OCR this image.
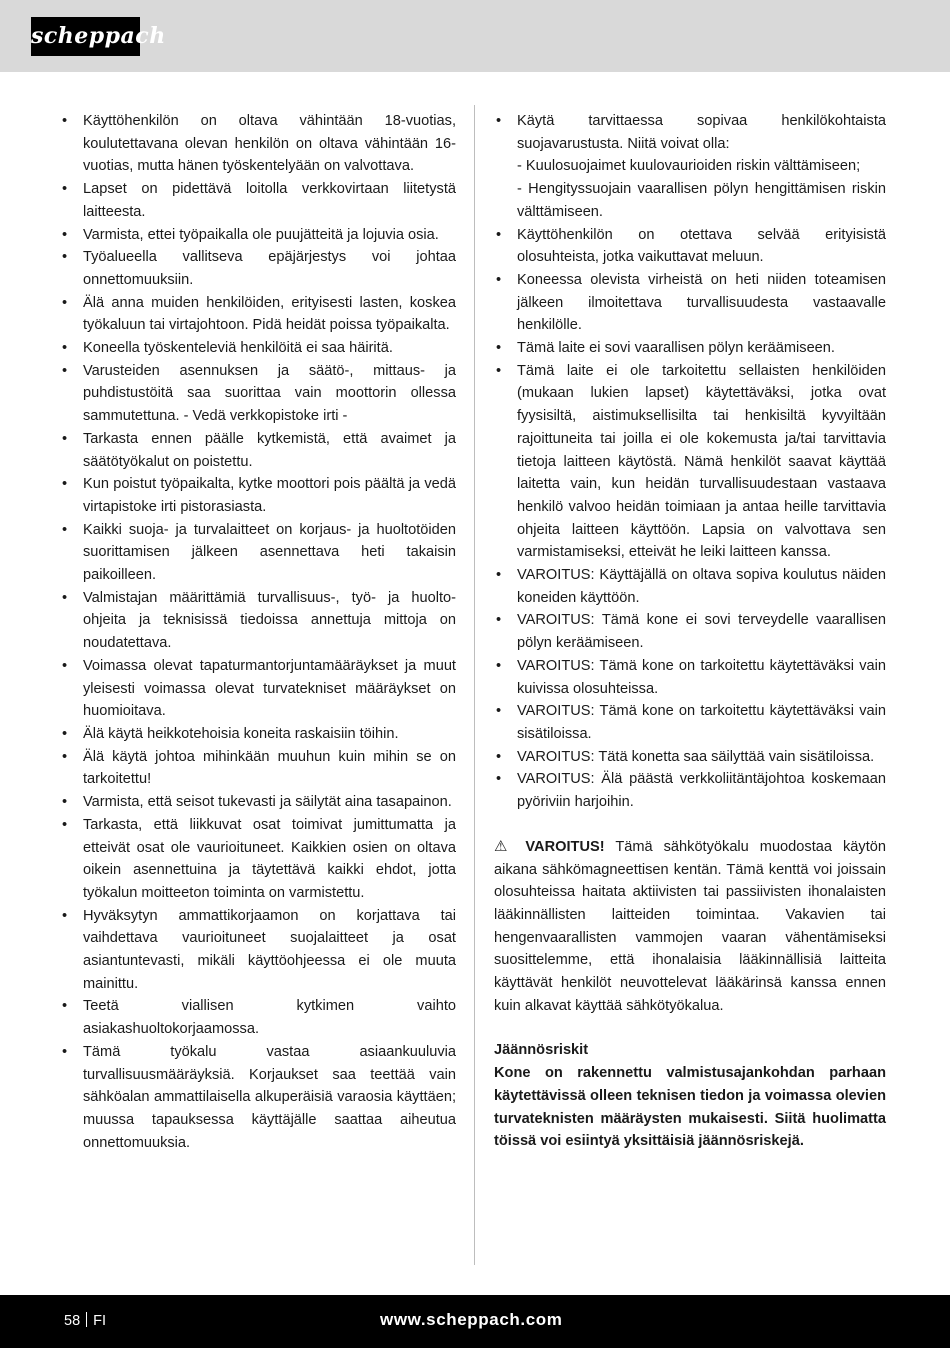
scheppach
• Käyttöhenkilön on oltava vähintään 18-vuotias, koulutettavana olevan henkilön on oltava vähintään 16-vuotias, mutta hänen työskentelyään on valvottava.
• Lapset on pidettävä loitolla verkkovirtaan liitetystä laitteesta.
• Varmista, ettei työpaikalla ole puujätteitä ja lojuvia osia.
• Työalueella vallitseva epäjärjestys voi johtaa onnettomuuksiin.
• Älä anna muiden henkilöiden, erityisesti lasten, koskea työkaluun tai virtajohtoon. Pidä heidät poissa työpaikalta.
• Koneella työskenteleviä henkilöitä ei saa häiritä.
• Varusteiden asennuksen ja säätö-, mittaus- ja puhdistustöitä saa suorittaa vain moottorin ollessa sammutettuna. - Vedä verkkopistoke irti -
• Tarkasta ennen päälle kytkemistä, että avaimet ja säätötyökalut on poistettu.
• Kun poistut työpaikalta, kytke moottori pois päältä ja vedä virtapistoke irti pistorasiasta.
• Kaikki suoja- ja turvalaitteet on korjaus- ja huoltotöiden suorittamisen jälkeen asennettava heti takaisin paikoilleen.
• Valmistajan määrittämiä turvallisuus-, työ- ja huolto-ohjeita ja teknisissä tiedoissa annettuja mittoja on noudatettava.
• Voimassa olevat tapaturmantorjuntamääräykset ja muut yleisesti voimassa olevat turvatekniset määräykset on huomioitava.
• Älä käytä heikkotehoisia koneita raskaisiin töihin.
• Älä käytä johtoa mihinkään muuhun kuin mihin se on tarkoitettu!
• Varmista, että seisot tukevasti ja säilytät aina tasapainon.
• Tarkasta, että liikkuvat osat toimivat jumittumatta ja etteivät osat ole vaurioituneet. Kaikkien osien on oltava oikein asennettuina ja täytettävä kaikki ehdot, jotta työkalun moitteeton toiminta on varmistettu.
• Hyväksytyn ammattikorjaamon on korjattava tai vaihdettava vaurioituneet suojalaitteet ja osat asiantuntevasti, mikäli käyttöohjeessa ei ole muuta mainittu.
• Teetä viallisen kytkimen vaihto asiakashuoltokorjaamossa.
• Tämä työkalu vastaa asiaankuuluvia turvallisuusmääräyksiä. Korjaukset saa teettää vain sähköalan ammattilaisella alkuperäisiä varaosia käyttäen; muussa tapauksessa käyttäjälle saattaa aiheutua onnettomuuksia.
• Käytä tarvittaessa sopivaa henkilökohtaista suojavarustusta. Niitä voivat olla:
- Kuulosuojaimet kuulovaurioiden riskin välttämiseen;
- Hengityssuojain vaarallisen pölyn hengittämisen riskin välttämiseen.
• Käyttöhenkilön on otettava selvää erityisistä olosuhteista, jotka vaikuttavat meluun.
• Koneessa olevista virheistä on heti niiden toteamisen jälkeen ilmoitettava turvallisuudesta vastaavalle henkilölle.
• Tämä laite ei sovi vaarallisen pölyn keräämiseen.
• Tämä laite ei ole tarkoitettu sellaisten henkilöiden (mukaan lukien lapset) käytettäväksi, jotka ovat fyysisiltä, aistimuksellisilta tai henkisiltä kyvyiltään rajoittuneita tai joilla ei ole kokemusta ja/tai tarvittavia tietoja laitteen käytöstä. Nämä henkilöt saavat käyttää laitetta vain, kun heidän turvallisuudestaan vastaava henkilö valvoo heidän toimiaan ja antaa heille tarvittavia ohjeita laitteen käyttöön. Lapsia on valvottava sen varmistamiseksi, etteivät he leiki laitteen kanssa.
• VAROITUS: Käyttäjällä on oltava sopiva koulutus näiden koneiden käyttöön.
• VAROITUS: Tämä kone ei sovi terveydelle vaarallisen pölyn keräämiseen.
• VAROITUS: Tämä kone on tarkoitettu käytettäväksi vain kuivissa olosuhteissa.
• VAROITUS: Tämä kone on tarkoitettu käytettäväksi vain sisätiloissa.
• VAROITUS: Tätä konetta saa säilyttää vain sisätiloissa.
• VAROITUS: Älä päästä verkkoliitäntäjohtoa koskemaan pyöriviin harjoihin.

⚠ VAROITUS! Tämä sähkötyökalu muodostaa käytön aikana sähkömagneettisen kentän. Tämä kenttä voi joissain olosuhteissa haitata aktiivisten tai passiivisten ihonalaisten lääkinnällisten laitteiden toimintaa. Vakavien tai hengenvaarallisten vammojen vaaran vähentämiseksi suosittelemme, että ihonalaisia lääkinnällisiä laitteita käyttävät henkilöt neuvottelevat lääkärinsä kanssa ennen kuin alkavat käyttää sähkötyökalua.

Jäännösriskit

Kone on rakennettu valmistusajankohdan parhaan käytettävissä olleen teknisen tiedon ja voimassa olevien turvateknisten määräysten mukaisesti. Siitä huolimatta töissä voi esiintyä yksittäisiä jäännösriskejä.

58 FI	www.scheppach.com
